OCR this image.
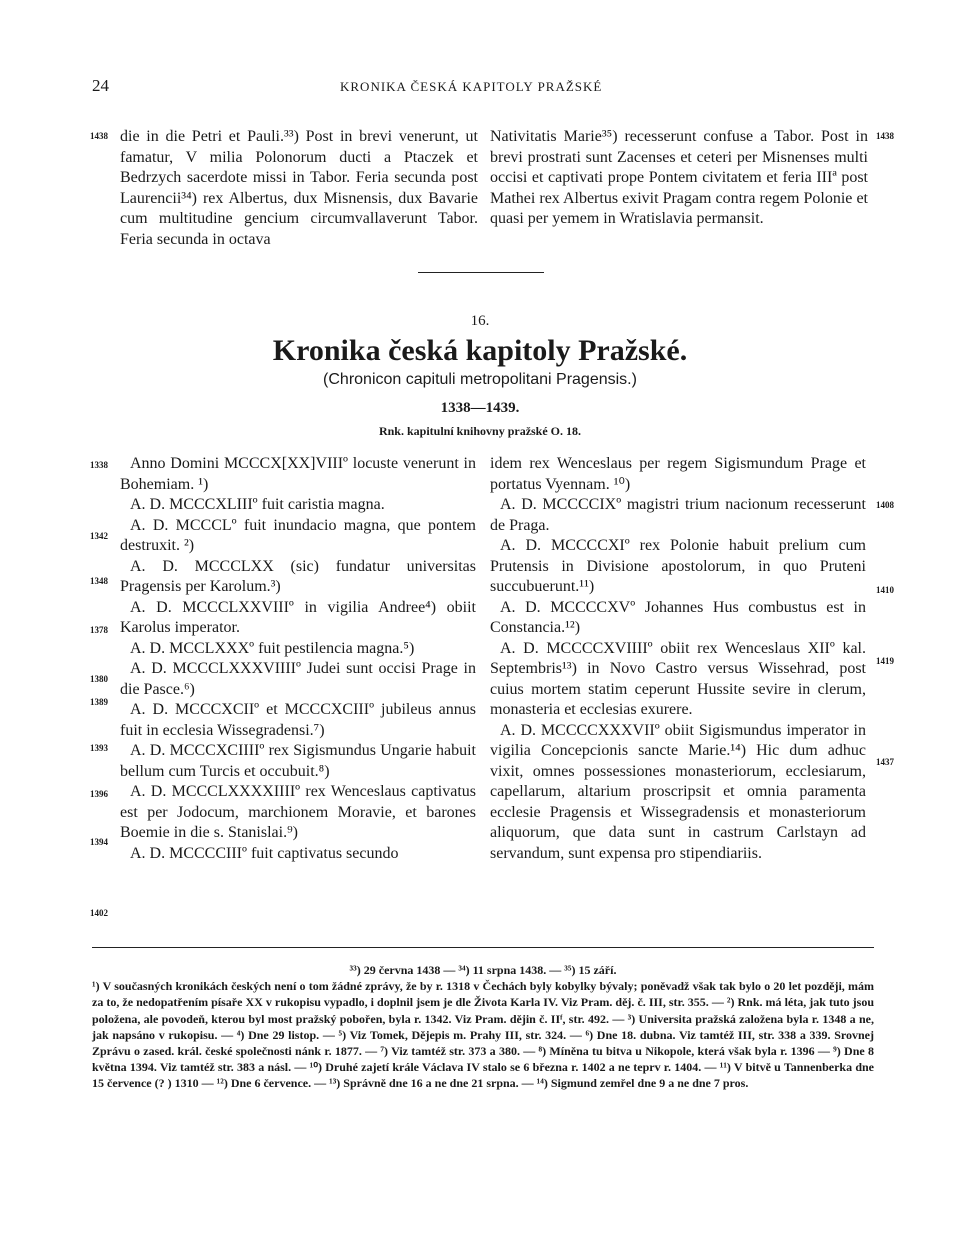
24	KRONIKA ČESKÁ KAPITOLY PRAŽSKÉ
1438	1438

die in die Petri et Pauli.³³) Post in brevi venerunt, ut famatur, V milia Polonorum ducti a Ptaczek et Bedrzych sacerdote missi in Tabor. Feria secunda post Laurencii³⁴) rex Albertus, dux Misnensis, dux Bavarie cum multitudine gencium circumvallaverunt Tabor. Feria secunda in octava

Nativitatis Marie³⁵) recesserunt confuse a Tabor. Post in brevi prostrati sunt Zacenses et ceteri per Misnenses multi occisi et captivati prope Pontem civitatem et feria IIIª post Mathei rex Albertus exivit Pragam contra regem Polonie et quasi per yemem in Wratislavia permansit.

16.
Kronika česká kapitoly Pražské.
(Chronicon capituli metropolitani Pragensis.)
1338—1439.
Rnk. kapitulní knihovny pražské O. 18.

Anno Domini MCCCX[XX]VIIIº locuste venerunt in Bohemiam. ¹)

A. D. MCCCXLIIIº fuit caristia magna.

A. D. MCCCLº fuit inundacio magna, que pontem destruxit. ²)

A. D. MCCCLXX (sic) fundatur universitas Pragensis per Karolum.³)

A. D. MCCCLXXVIIIº in vigilia Andree⁴) obiit Karolus imperator.

A. D. MCCLXXXº fuit pestilencia magna.⁵)

A. D. MCCCLXXXVIIIIº Judei sunt occisi Prage in die Pasce.⁶)

A. D. MCCCXCIIº et MCCCXCIIIº jubileus annus fuit in ecclesia Wissegradensi.⁷)

A. D. MCCCXCIIIIº rex Sigismundus Ungarie habuit bellum cum Turcis et occubuit.⁸)

A. D. MCCCLXXXXIIIIº rex Wenceslaus captivatus est per Jodocum, marchionem Moravie, et barones Boemie in die s. Stanislai.⁹)

A. D. MCCCCIIIº fuit captivatus secundo

idem rex Wenceslaus per regem Sigismundum Prage et portatus Vyennam. ¹⁰)

A. D. MCCCCIXº magistri trium nacionum recesserunt de Praga.

A. D. MCCCCXIº rex Polonie habuit prelium cum Prutensis in Divisione apostolorum, in quo Pruteni succubuerunt.¹¹)

A. D. MCCCCXVº Johannes Hus combustus est in Constancia.¹²)

A. D. MCCCCXVIIIIº obiit rex Wenceslaus XIIº kal. Septembris¹³) in Novo Castro versus Wissehrad, post cuius mortem statim ceperunt Hussite sevire in clerum, monasteria et ecclesias exurere.

A. D. MCCCCXXXVIIº obiit Sigismundus imperator in vigilia Concepcionis sancte Marie.¹⁴) Hic dum adhuc vixit, omnes possessiones monasteriorum, ecclesiarum, capellarum, altarium proscripsit et omnia paramenta ecclesie Pragensis et Wissegradensis et monasteriorum aliquorum, que data sunt in castrum Carlstayn ad servandum, sunt expensa pro stipendiariis.

1338
1342
1348
1378
1380
1389
1393
1396
1394
1402
1408
1410
1419
1437

³³) 29 června 1438 — ³⁴) 11 srpna 1438. — ³⁵) 15 září.

¹) V současných kronikách českých není o tom žádné zprávy, že by r. 1318 v Čechách byly kobylky bývaly; poněvadž však tak bylo o 20 let později, mám za to, že nedopatřením písaře XX v rukopisu vypadlo, i doplnil jsem je dle Života Karla IV. Viz Pram. děj. č. III, str. 355. — ²) Rnk. má léta, jak tuto jsou položena, ale povodeň, kterou byl most pražský pobořen, byla r. 1342. Viz Pram. dějin č. IIᶠ, str. 492. — ³) Universita pražská založena byla r. 1348 a ne, jak napsáno v rukopisu. — ⁴) Dne 29 listop. — ⁵) Viz Tomek, Dějepis m. Prahy III, str. 324. — ⁶) Dne 18. dubna. Viz tamtéž III, str. 338 a 339. Srovnej Zprávu o zased. král. české společnosti nánk r. 1877. — ⁷) Viz tamtéž str. 373 a 380. — ⁸) Míněna tu bitva u Nikopole, která však byla r. 1396 — ⁹) Dne 8 května 1394. Viz tamtéž str. 383 a násl. — ¹⁰) Druhé zajetí krále Václava IV stalo se 6 března r. 1402 a ne teprv r. 1404. — ¹¹) V bitvě u Tannenberka dne 15 července (? ) 1310 — ¹²) Dne 6 července. — ¹³) Správně dne 16 a ne dne 21 srpna. — ¹⁴) Sigmund zemřel dne 9 a ne dne 7 pros.
